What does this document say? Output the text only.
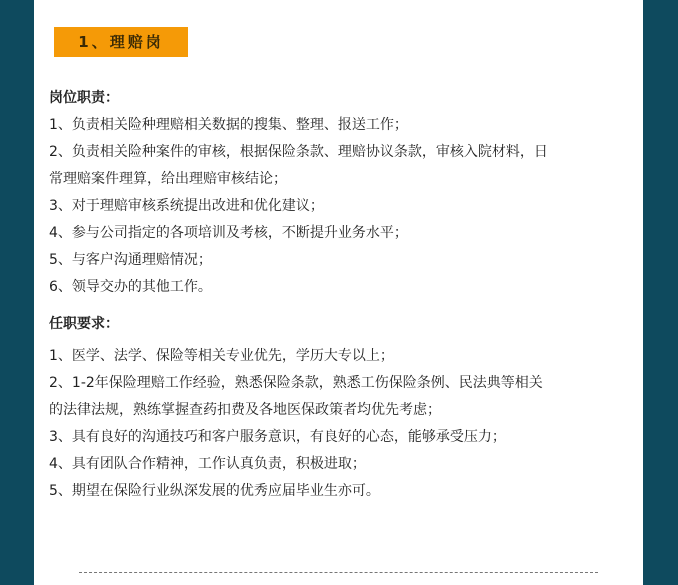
1、理赔岗
岗位职责：
1、负责相关险种理赔相关数据的搜集、整理、报送工作；
2、负责相关险种案件的审核，根据保险条款、理赔协议条款，审核入院材料，日
常理赔案件理算，给出理赔审核结论；
3、对于理赔审核系统提出改进和优化建议；
4、参与公司指定的各项培训及考核，不断提升业务水平；
5、与客户沟通理赔情况；
6、领导交办的其他工作。
任职要求：
1、医学、法学、保险等相关专业优先，学历大专以上；
2、1-2年保险理赔工作经验，熟悉保险条款，熟悉工伤保险条例、民法典等相关
的法律法规，熟练掌握查药扣费及各地医保政策者均优先考虑；
3、具有良好的沟通技巧和客户服务意识，有良好的心态，能够承受压力；
4、具有团队合作精神，工作认真负责，积极进取；
5、期望在保险行业纵深发展的优秀应届毕业生亦可。
